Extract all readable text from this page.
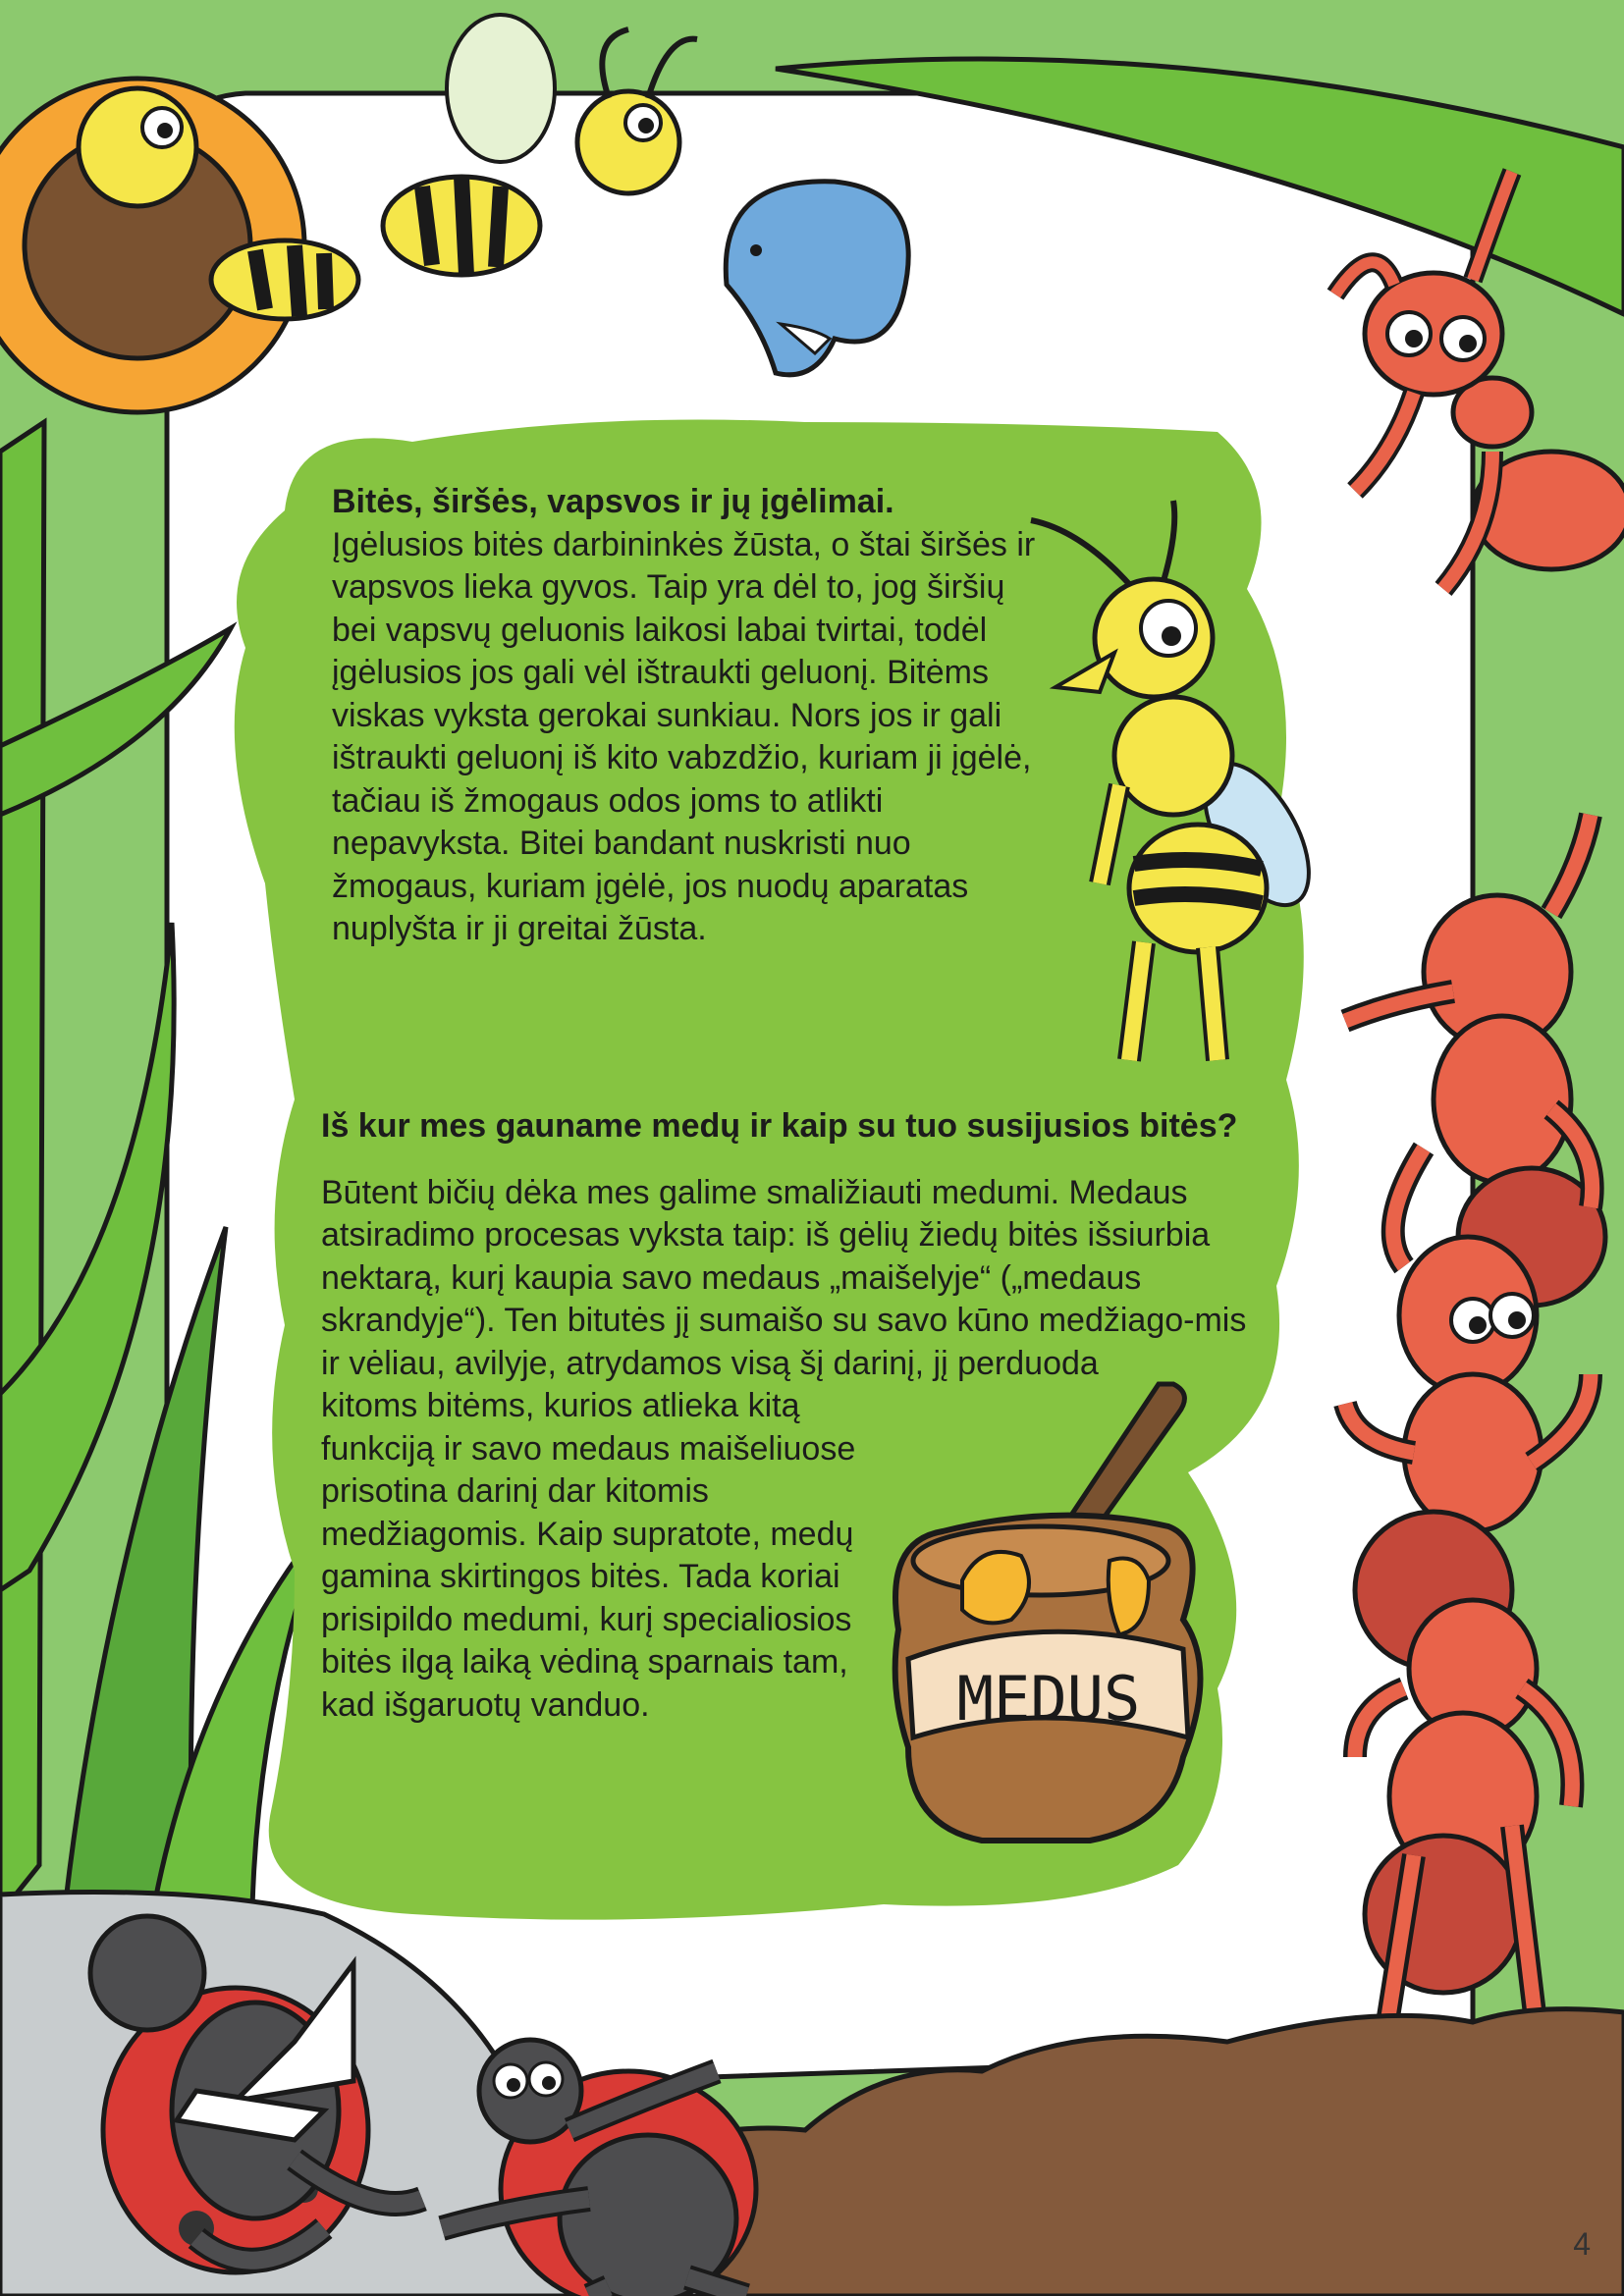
MEDUS

Bitės, širšės, vapsvos ir jų įgėlimai.

Įgėlusios bitės darbininkės žūsta, o štai širšės ir vapsvos lieka gyvos. Taip yra dėl to, jog širšių bei vapsvų geluonis laikosi labai tvirtai, todėl įgėlusios jos gali vėl ištraukti geluonį. Bitėms viskas vyksta gerokai sunkiau. Nors jos ir gali ištraukti geluonį iš kito vabzdžio, kuriam ji įgėlė, tačiau iš žmogaus odos joms to atlikti nepavyksta. Bitei bandant nuskristi nuo žmogaus, kuriam įgėlė, jos nuodų aparatas nuplyšta ir ji greitai žūsta.

Iš kur mes gauname medų ir kaip su tuo susijusios bitės?

Būtent bičių dėka mes galime smaližiauti medumi. Medaus atsiradimo procesas vyksta taip: iš gėlių žiedų bitės išsiurbia nektarą, kurį kaupia savo medaus „maišelyje“ („medaus skrandyje“). Ten bitutės jį sumaišo su savo kūno medžiago-mis ir vėliau, avilyje, atrydamos visą šį darinį, jį perduoda

kitoms bitėms, kurios atlieka kitą funkciją ir savo medaus maišeliuose prisotina darinį dar kitomis medžiagomis. Kaip supratote, medų gamina skirtingos bitės. Tada koriai prisipildo medumi, kurį specialiosios bitės ilgą laiką vėdiną sparnais tam, kad išgaruotų vanduo.

4
